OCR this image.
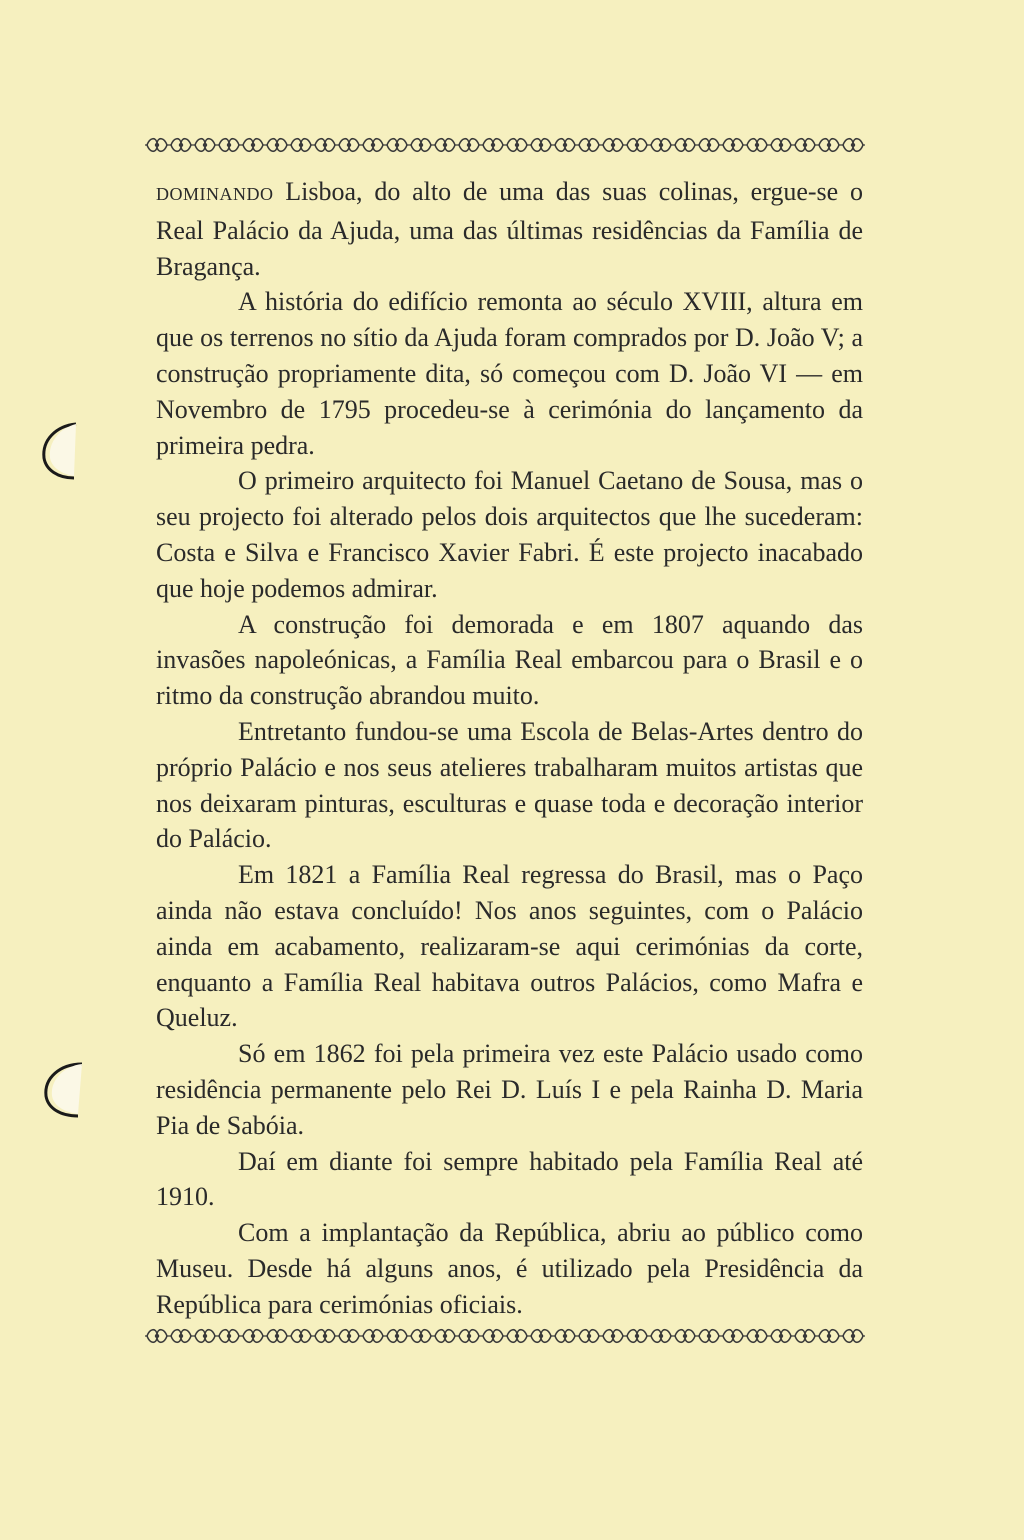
DOMINANDO Lisboa, do alto de uma das suas colinas, ergue-se o Real Palácio da Ajuda, uma das últimas residências da Família de Bragança.

A história do edifício remonta ao século XVIII, altura em que os terrenos no sítio da Ajuda foram comprados por D. João V; a construção propriamente dita, só começou com D. João VI — em Novembro de 1795 procedeu-se à cerimónia do lançamento da primeira pedra.

O primeiro arquitecto foi Manuel Caetano de Sousa, mas o seu projecto foi alterado pelos dois arquitectos que lhe sucederam: Costa e Silva e Francisco Xavier Fabri. É este projecto inacabado que hoje podemos admirar.

A construção foi demorada e em 1807 aquando das invasões napoleónicas, a Família Real embarcou para o Brasil e o ritmo da construção abrandou muito.

Entretanto fundou-se uma Escola de Belas-Artes dentro do próprio Palácio e nos seus atelieres trabalharam muitos artistas que nos deixaram pinturas, esculturas e quase toda e decoração interior do Palácio.

Em 1821 a Família Real regressa do Brasil, mas o Paço ainda não estava concluído! Nos anos seguintes, com o Palácio ainda em acabamento, realizaram-se aqui cerimónias da corte, enquanto a Família Real habitava outros Palácios, como Mafra e Queluz.

Só em 1862 foi pela primeira vez este Palácio usado como residência permanente pelo Rei D. Luís I e pela Rainha D. Maria Pia de Sabóia.

Daí em diante foi sempre habitado pela Família Real até 1910.

Com a implantação da República, abriu ao público como Museu. Desde há alguns anos, é utilizado pela Presidência da República para cerimónias oficiais.
